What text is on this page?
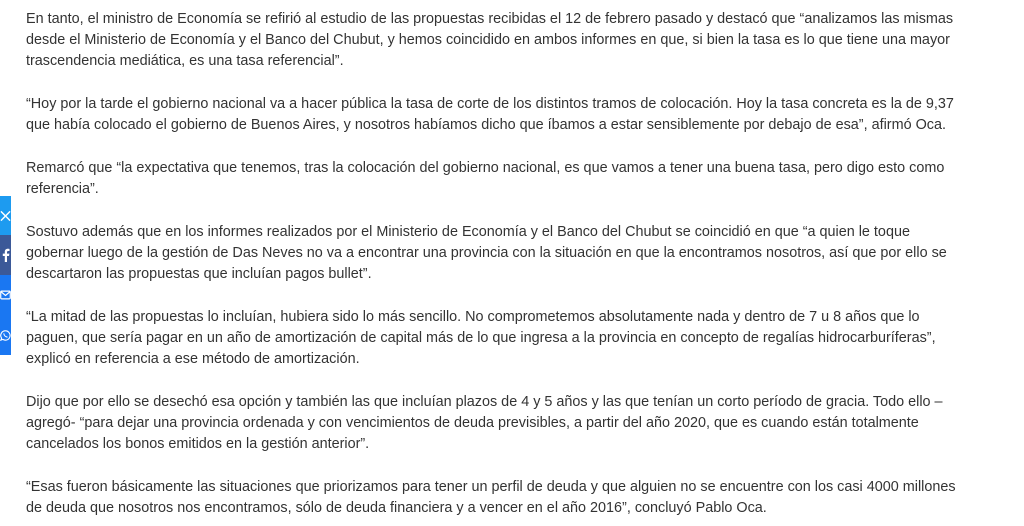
En tanto, el ministro de Economía se refirió al estudio de las propuestas recibidas el 12 de febrero pasado y destacó que “analizamos las mismas desde el Ministerio de Economía y el Banco del Chubut, y hemos coincidido en ambos informes en que, si bien la tasa es lo que tiene una mayor trascendencia mediática, es una tasa referencial”.

“Hoy por la tarde el gobierno nacional va a hacer pública la tasa de corte de los distintos tramos de colocación. Hoy la tasa concreta es la de 9,37 que había colocado el gobierno de Buenos Aires, y nosotros habíamos dicho que íbamos a estar sensiblemente por debajo de esa”, afirmó Oca.

Remarcó que “la expectativa que tenemos, tras la colocación del gobierno nacional, es que vamos a tener una buena tasa, pero digo esto como referencia”.

Sostuvo además que en los informes realizados por el Ministerio de Economía y el Banco del Chubut se coincidió en que “a quien le toque gobernar luego de la gestión de Das Neves no va a encontrar una provincia con la situación en que la encontramos nosotros, así que por ello se descartaron las propuestas que incluían pagos bullet”.

“La mitad de las propuestas lo incluían, hubiera sido lo más sencillo. No comprometemos absolutamente nada y dentro de 7 u 8 años que lo paguen, que sería pagar en un año de amortización de capital más de lo que ingresa a la provincia en concepto de regalías hidrocarburíferas”, explicó en referencia a ese método de amortización.

Dijo que por ello se desechó esa opción y también las que incluían plazos de 4 y 5 años y las que tenían un corto período de gracia. Todo ello –agregó- “para dejar una provincia ordenada y con vencimientos de deuda previsibles, a partir del año 2020, que es cuando están totalmente cancelados los bonos emitidos en la gestión anterior”.

“Esas fueron básicamente las situaciones que priorizamos para tener un perfil de deuda y que alguien no se encuentre con los casi 4000 millones de deuda que nosotros nos encontramos, sólo de deuda financiera y a vencer en el año 2016”, concluyó Pablo Oca.
